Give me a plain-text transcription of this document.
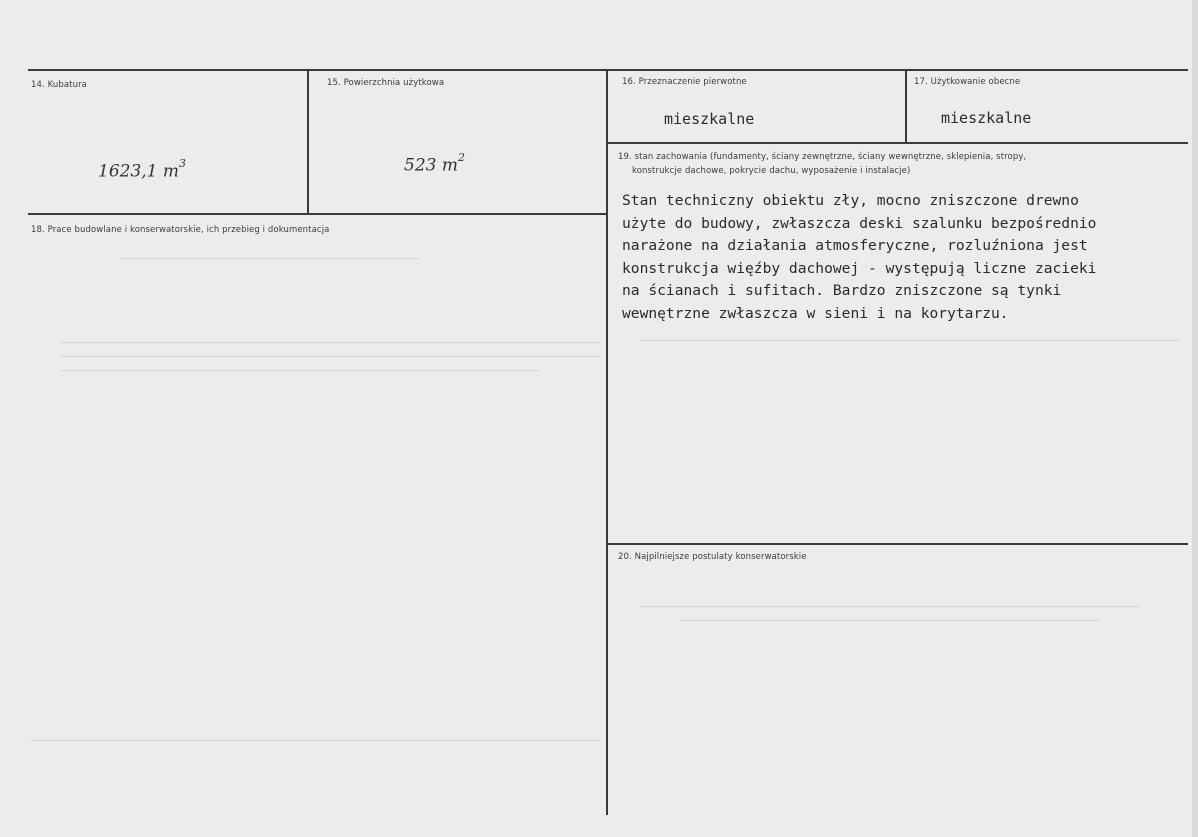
14. Kubatura
1623,1 $m^3$
15. Powierzchnia użytkowa
523 $m^2$
16. Przeznaczenie pierwotne
mieszkalne
17. Użytkowanie obecne
mieszkalne
18. Prace budowlane i konserwatorskie, ich przebieg i dokumentacja
19. stan zachowania (fundamenty, ściany zewnętrzne, ściany wewnętrzne, sklepienia, stropy,
konstrukcje dachowe, pokrycie dachu, wyposażenie i instalacje)
Stan techniczny obiektu zły, mocno zniszczone drewno
użyte do budowy, zwłaszcza deski szalunku bezpośrednio
narażone na działania atmosferyczne, rozluźniona jest
konstrukcja więźby dachowej - występują liczne zacieki
na ścianach i sufitach. Bardzo zniszczone są tynki
wewnętrzne zwłaszcza w sieni i na korytarzu.
20. Najpilniejsze postulaty konserwatorskie
